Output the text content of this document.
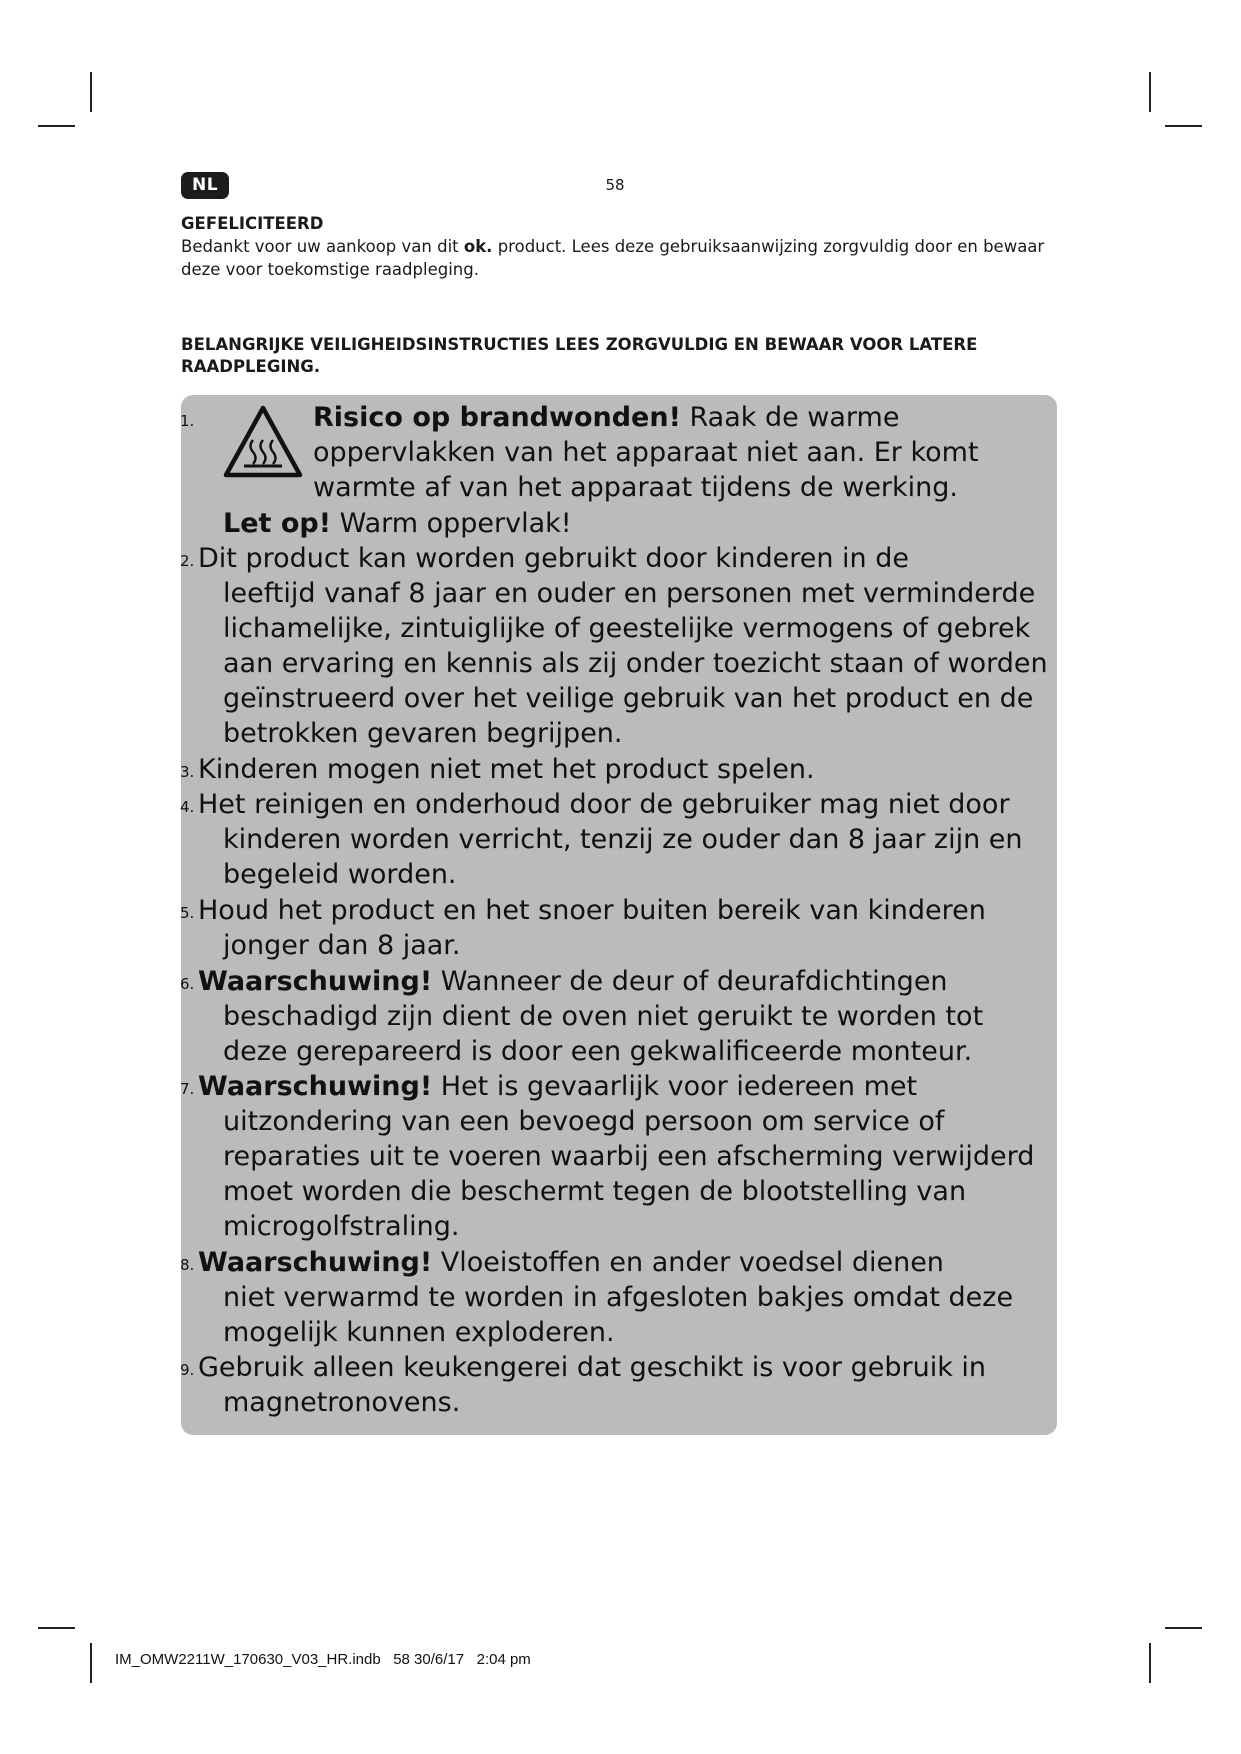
NL	58
GEFELICITEERD

Bedankt voor uw aankoop van dit ok. product. Lees deze gebruiksaanwijzing zorgvuldig door en bewaar deze voor toekomstige raadpleging.

BELANGRIJKE VEILIGHEIDSINSTRUCTIES LEES ZORGVULDIG EN BEWAAR VOOR LATERE RAADPLEGING.
1.	Risico op brandwonden! Raak de warme
oppervlakken van het apparaat niet aan. Er komt
warmte af van het apparaat tijdens de werking.
Let op! Warm oppervlak!
2. Dit product kan worden gebruikt door kinderen in de
leeftijd vanaf 8 jaar en ouder en personen met verminderde
lichamelijke, zintuiglijke of geestelijke vermogens of gebrek
aan ervaring en kennis als zij onder toezicht staan of worden
geïnstrueerd over het veilige gebruik van het product en de
betrokken gevaren begrijpen.
3. Kinderen mogen niet met het product spelen.
4. Het reinigen en onderhoud door de gebruiker mag niet door
kinderen worden verricht, tenzij ze ouder dan 8 jaar zijn en
begeleid worden.
5. Houd het product en het snoer buiten bereik van kinderen
jonger dan 8 jaar.
6. Waarschuwing! Wanneer de deur of deurafdichtingen
beschadigd zijn dient de oven niet geruikt te worden tot
deze gerepareerd is door een gekwalificeerde monteur.
7. Waarschuwing! Het is gevaarlijk voor iedereen met
uitzondering van een bevoegd persoon om service of
reparaties uit te voeren waarbij een afscherming verwijderd
moet worden die beschermt tegen de blootstelling van
microgolfstraling.
8. Waarschuwing! Vloeistoffen en ander voedsel dienen
niet verwarmd te worden in afgesloten bakjes omdat deze
mogelijk kunnen exploderen.
9. Gebruik alleen keukengerei dat geschikt is voor gebruik in
magnetronovens.
IM_OMW2211W_170630_V03_HR.indb   58 30/6/17   2:04 pm
